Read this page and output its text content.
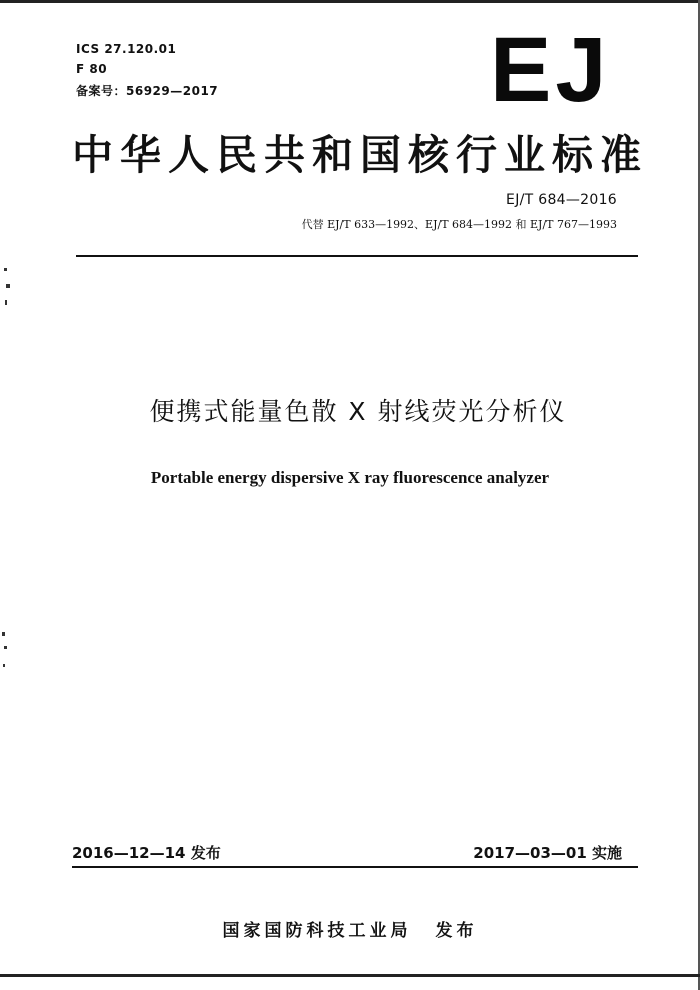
ICS 27.120.01
F 80
备案号：56929—2017	EJ
中华人民共和国核行业标准
EJ/T 684—2016
代替 EJ/T 633—1992、EJ/T 684—1992 和 EJ/T 767—1993
便携式能量色散 X 射线荧光分析仪
Portable energy dispersive X ray fluorescence analyzer
2016—12—14 发布	2017—03—01 实施
国家国防科技工业局 发布
